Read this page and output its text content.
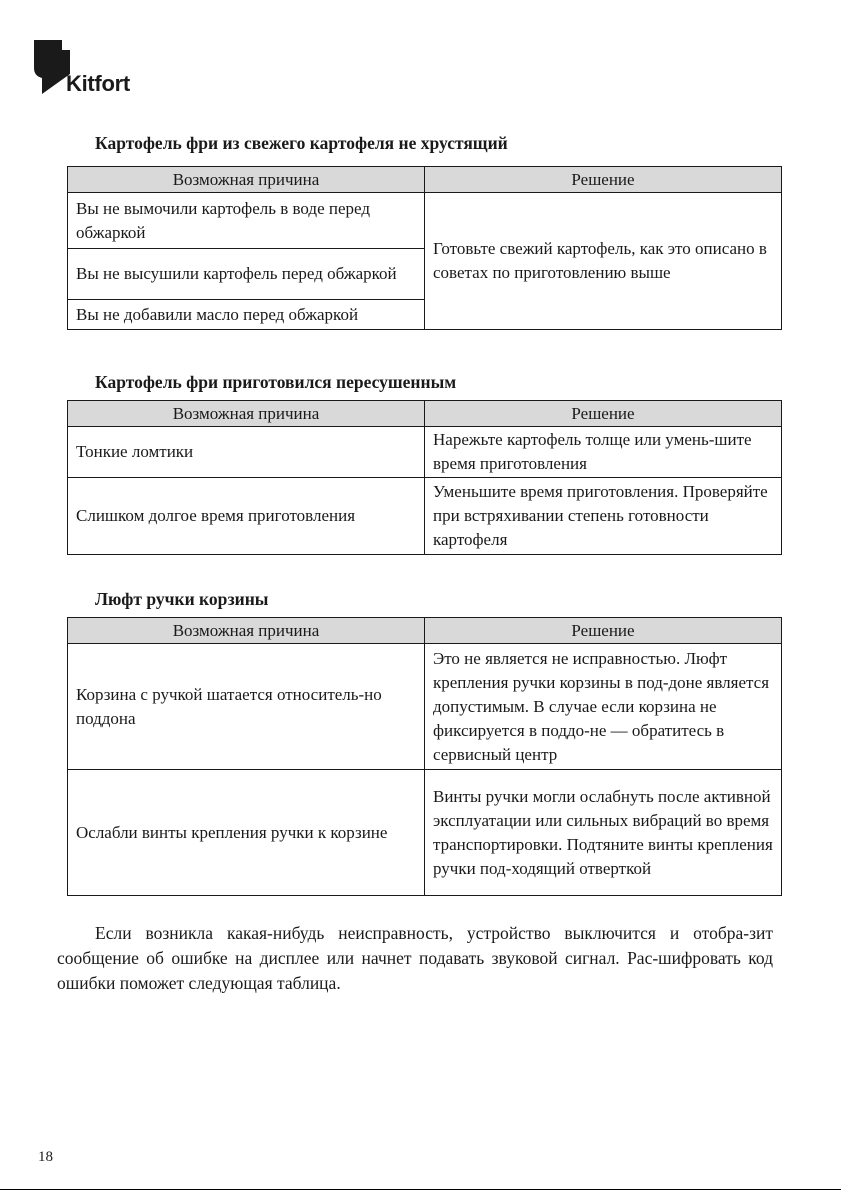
Kitfort
Картофель фри из свежего картофеля не хрустящий
Возможная причина	Решение
Вы не вымочили картофель в воде перед обжаркой	Готовьте свежий картофель, как это описано в советах по приготовлению выше
Вы не высушили картофель перед обжаркой	
Вы не добавили масло перед обжаркой	
Картофель фри приготовился пересушенным
Возможная причина	Решение
Тонкие ломтики	Нарежьте картофель толще или умень-шите время приготовления
Слишком долгое время приготовления	Уменьшите время приготовления. Проверяйте при встряхивании степень готовности картофеля
Люфт ручки корзины
Возможная причина	Решение
Корзина с ручкой шатается относитель-но поддона	Это не является не исправностью. Люфт крепления ручки корзины в под-доне является допустимым. В случае если корзина не фиксируется в поддо-не — обратитесь в сервисный центр
Ослабли винты крепления ручки к корзине	Винты ручки могли ослабнуть после активной эксплуатации или сильных вибраций во время транспортировки. Подтяните винты крепления ручки под-ходящий отверткой

Если возникла какая-нибудь неисправность, устройство выключится и отобра-зит сообщение об ошибке на дисплее или начнет подавать звуковой сигнал. Рас-шифровать код ошибки поможет следующая таблица.

18
